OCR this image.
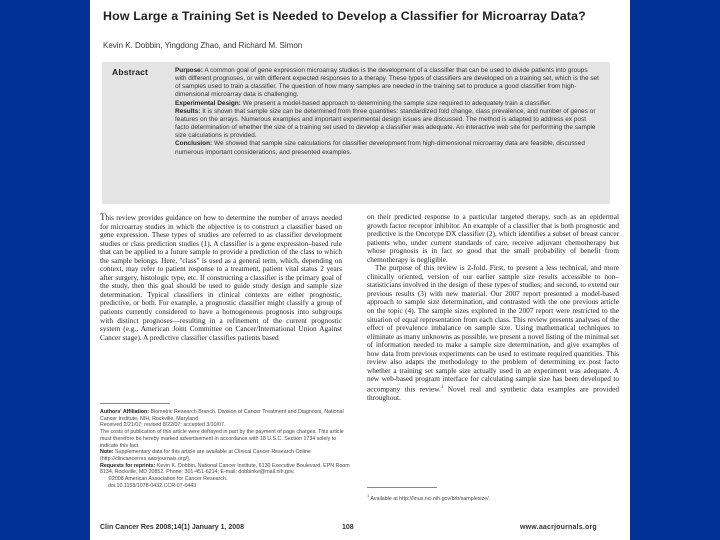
How Large a Training Set is Needed to Develop a Classifier for Microarray Data?
Kevin K. Dobbin, Yingdong Zhao, and Richard M. Simon
Abstract	Purpose: A common goal of gene expression microarray studies is the development of a classifier that can be used to divide patients into groups with different prognoses, or with different expected responses to a therapy. These types of classifiers are developed on a training set, which is the set of samples used to train a classifier. The question of how many samples are needed in the training set to produce a good classifier from high-dimensional microarray data is challenging.
Experimental Design: We present a model-based approach to determining the sample size required to adequately train a classifier.
Results: It is shown that sample size can be determined from three quantities: standardized fold change, class prevalence, and number of genes or features on the arrays. Numerous examples and important experimental design issues are discussed. The method is adapted to address ex post facto determination of whether the size of a training set used to develop a classifier was adequate. An interactive web site for performing the sample size calculations is provided.
Conclusion: We showed that sample size calculations for classifier development from high-dimensional microarray data are feasible, discussed numerous important considerations, and presented examples.

This review provides guidance on how to determine the number of arrays needed for microarray studies in which the objective is to construct a classifier based on gene expression. These types of studies are referred to as classifier development studies or class prediction studies (1). A classifier is a gene expression–based rule that can be applied to a future sample to provide a prediction of the class to which the sample belongs. Here, "class" is used as a general term, which, depending on context, may refer to patient response to a treatment, patient vital status 2 years after surgery, histologic type, etc. If constructing a classifier is the primary goal of the study, then this goal should be used to guide study design and sample size determination. Typical classifiers in clinical contexts are either prognostic, predictive, or both. For example, a prognostic classifier might classify a group of patients currently considered to have a homogeneous prognosis into subgroups with distinct prognoses—resulting in a refinement of the current prognostic system (e.g., American Joint Committee on Cancer/International Union Against Cancer stage). A predictive classifier classifies patients based

on their predicted response to a particular targeted therapy, such as an epidermal growth factor receptor inhibitor. An example of a classifier that is both prognostic and predictive is the Oncotype DX classifier (2), which identifies a subset of breast cancer patients who, under current standards of care, receive adjuvant chemotherapy but whose prognosis is in fact so good that the small probability of benefit from chemotherapy is negligible.

The purpose of this review is 2-fold. First, to present a less technical, and more clinically oriented, version of our earlier sample size results accessible to non–statisticians involved in the design of these types of studies; and second, to extend our previous results (3) with new material. Our 2007 report presented a model-based approach to sample size determination, and contrasted with the one previous article on the topic (4). The sample sizes explored in the 2007 report were restricted to the situation of equal representation from each class. This review presents analyses of the effect of prevalence imbalance on sample size. Using mathematical techniques to eliminate as many unknowns as possible, we present a novel listing of the minimal set of information needed to make a sample size determination, and give examples of how data from previous experiments can be used to estimate required quantities. This review also adapts the methodology to the problem of determining ex post facto whether a training set sample size actually used in an experiment was adequate. A new web-based program interface for calculating sample size has been developed to accompany this review.$^1$ Novel real and synthetic data examples are provided throughout.

Authors' Affiliation: Biometric Research Branch, Division of Cancer Treatment and Diagnosis, National Cancer Institute, NIH, Rockville, Maryland
Received 2/21/07; revised 8/22/07; accepted 3/10/07.
The costs of publication of this article were defrayed in part by the payment of page charges. This article must therefore be hereby marked advertisement in accordance with 18 U.S.C. Section 1734 solely to indicate this fact.
Note: Supplementary data for this article are available at Clinical Cancer Research Online (http://clincancerres.aacrjournals.org/).
Requests for reprints: Kevin K. Dobbin, National Cancer Institute, 6130 Executive Boulevard, EPN Room 8134, Rockville, MD 20852. Phone: 301-451-6214; E-mail: dobbinke@mail.nih.gov.
©2008 American Association for Cancer Research.
doi:10.1158/1078-0432.CCR-07-0443
$^1$ Available at http://linus.nci.nih.gov/brb/samplesize/.
Clin Cancer Res 2008;14(1) January 1, 2008	108	www.aacrjournals.org
